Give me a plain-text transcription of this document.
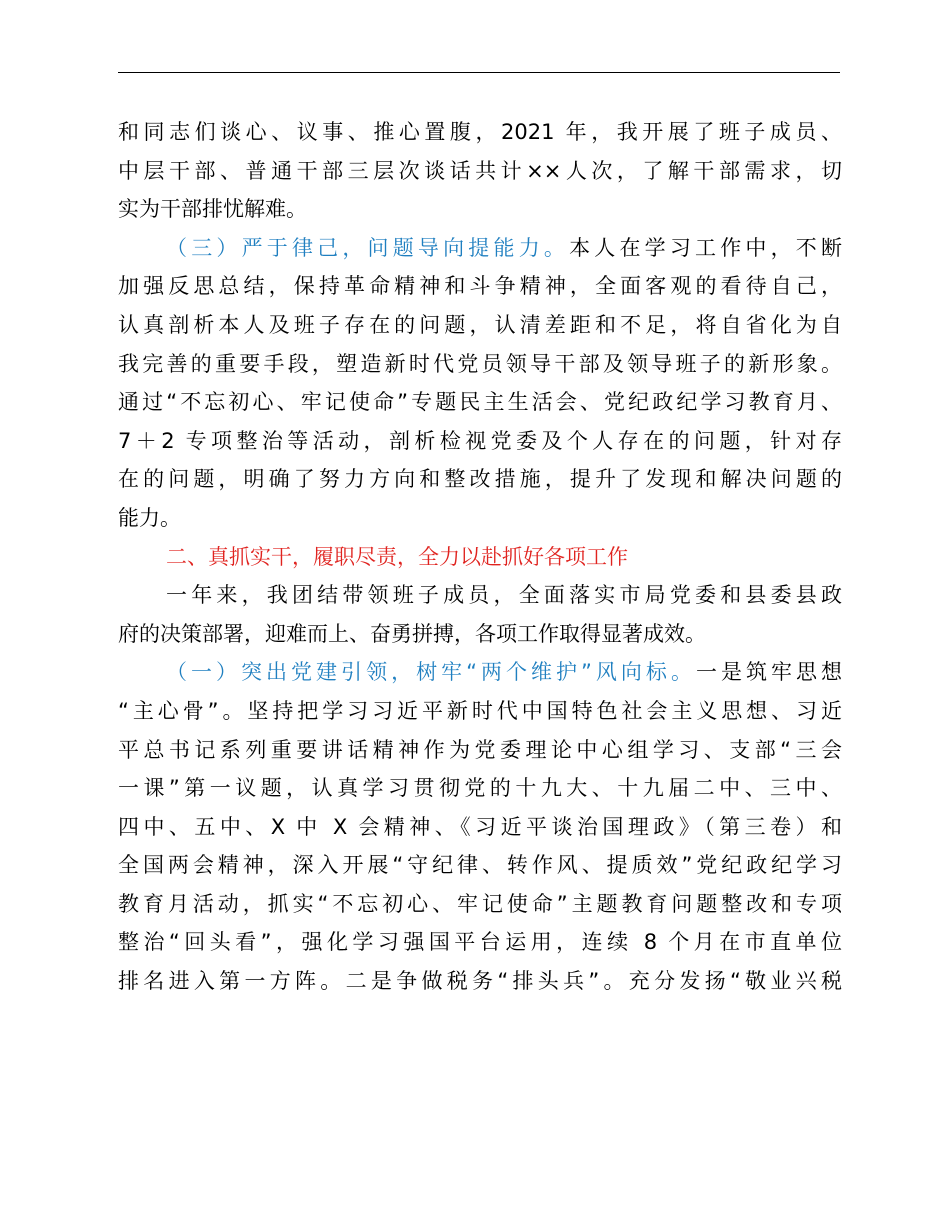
和同志们谈心、议事、推心置腹，2021 年，我开展了班子成员、
中层干部、普通干部三层次谈话共计××人次，了解干部需求，切
实为干部排忧解难。
（三）严于律己，问题导向提能力。本人在学习工作中，不断
加强反思总结，保持革命精神和斗争精神，全面客观的看待自己，
认真剖析本人及班子存在的问题，认清差距和不足，将自省化为自
我完善的重要手段，塑造新时代党员领导干部及领导班子的新形象。
通过“不忘初心、牢记使命”专题民主生活会、党纪政纪学习教育月、
7＋2 专项整治等活动，剖析检视党委及个人存在的问题，针对存
在的问题，明确了努力方向和整改措施，提升了发现和解决问题的
能力。
二、真抓实干，履职尽责，全力以赴抓好各项工作
一年来，我团结带领班子成员，全面落实市局党委和县委县政
府的决策部署，迎难而上、奋勇拼搏，各项工作取得显著成效。
（一）突出党建引领，树牢“两个维护”风向标。一是筑牢思想
“主心骨”。坚持把学习习近平新时代中国特色社会主义思想、习近
平总书记系列重要讲话精神作为党委理论中心组学习、支部“三会
一课”第一议题，认真学习贯彻党的十九大、十九届二中、三中、
四中、五中、X 中 X 会精神、《习近平谈治国理政》（第三卷）和
全国两会精神，深入开展“守纪律、转作风、提质效”党纪政纪学习
教育月活动，抓实“不忘初心、牢记使命”主题教育问题整改和专项
整治“回头看”，强化学习强国平台运用，连续 8 个月在市直单位
排名进入第一方阵。二是争做税务“排头兵”。充分发扬“敬业兴税
